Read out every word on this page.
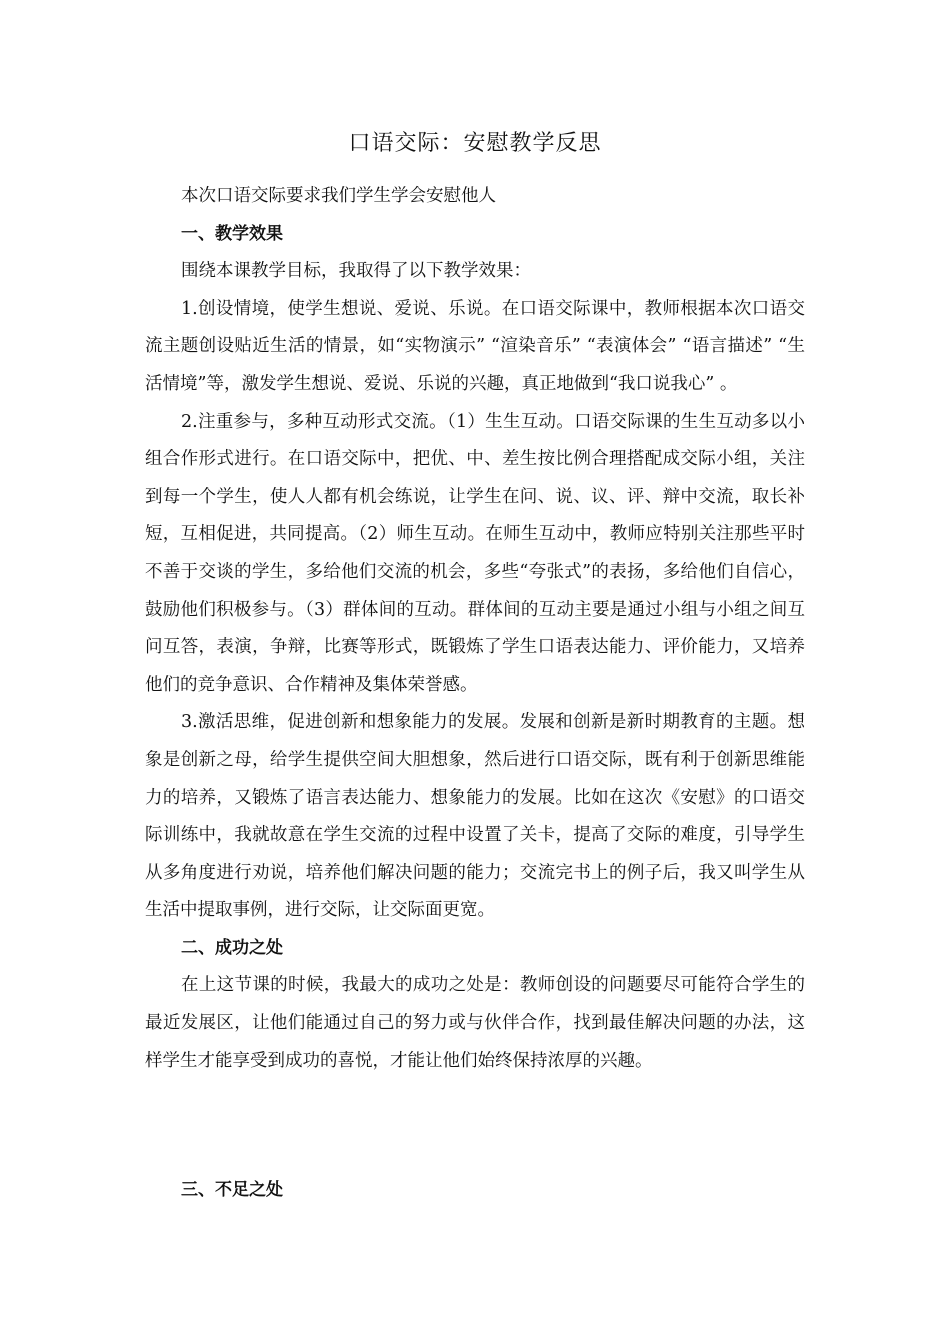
口语交际：安慰教学反思

本次口语交际要求我们学生学会安慰他人

一、教学效果

围绕本课教学目标，我取得了以下教学效果：

1.创设情境，使学生想说、爱说、乐说。在口语交际课中，教师根据本次口语交流主题创设贴近生活的情景，如“实物演示” “渲染音乐” “表演体会” “语言描述” “生活情境”等，激发学生想说、爱说、乐说的兴趣，真正地做到“我口说我心” 。

2.注重参与，多种互动形式交流。（1）生生互动。口语交际课的生生互动多以小组合作形式进行。在口语交际中，把优、中、差生按比例合理搭配成交际小组，关注到每一个学生，使人人都有机会练说，让学生在问、说、议、评、辩中交流，取长补短，互相促进，共同提高。（2）师生互动。在师生互动中，教师应特别关注那些平时不善于交谈的学生，多给他们交流的机会，多些“夸张式”的表扬，多给他们自信心，鼓励他们积极参与。（3）群体间的互动。群体间的互动主要是通过小组与小组之间互问互答，表演，争辩，比赛等形式，既锻炼了学生口语表达能力、评价能力，又培养他们的竞争意识、合作精神及集体荣誉感。

3.激活思维，促进创新和想象能力的发展。发展和创新是新时期教育的主题。想象是创新之母，给学生提供空间大胆想象，然后进行口语交际，既有利于创新思维能力的培养，又锻炼了语言表达能力、想象能力的发展。比如在这次《安慰》的口语交际训练中，我就故意在学生交流的过程中设置了关卡，提高了交际的难度，引导学生从多角度进行劝说，培养他们解决问题的能力；交流完书上的例子后，我又叫学生从生活中提取事例，进行交际，让交际面更宽。

二、成功之处

在上这节课的时候，我最大的成功之处是：教师创设的问题要尽可能符合学生的最近发展区，让他们能通过自己的努力或与伙伴合作，找到最佳解决问题的办法，这样学生才能享受到成功的喜悦，才能让他们始终保持浓厚的兴趣。

三、不足之处
